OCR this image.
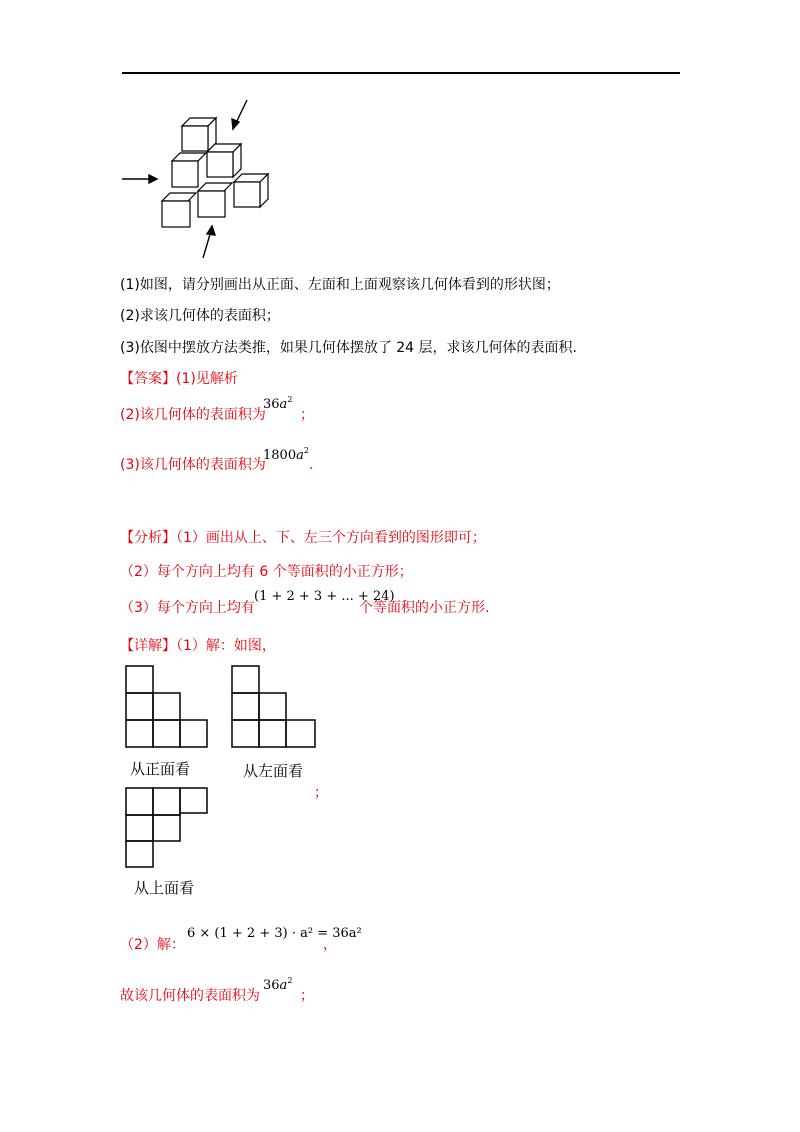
(1)如图，请分别画出从正面、左面和上面观察该几何体看到的形状图；
(2)求该几何体的表面积；
(3)依图中摆放方法类推，如果几何体摆放了 24 层，求该几何体的表面积.
【答案】(1)见解析
(2)该几何体的表面积为
$36a^2$
；
(3)该几何体的表面积为
$1800a^2$
.
【分析】（1）画出从上、下、左三个方向看到的图形即可；
（2）每个方向上均有 6 个等面积的小正方形；
（3）每个方向上均有
(1 + 2 + 3 + ... + 24)
个等面积的小正方形.
【详解】（1）解：如图，
从正面看	从左面看
；
从上面看
（2）解：
6 × (1 + 2 + 3) · a² = 36a²
，
故该几何体的表面积为
$36a^2$
；
